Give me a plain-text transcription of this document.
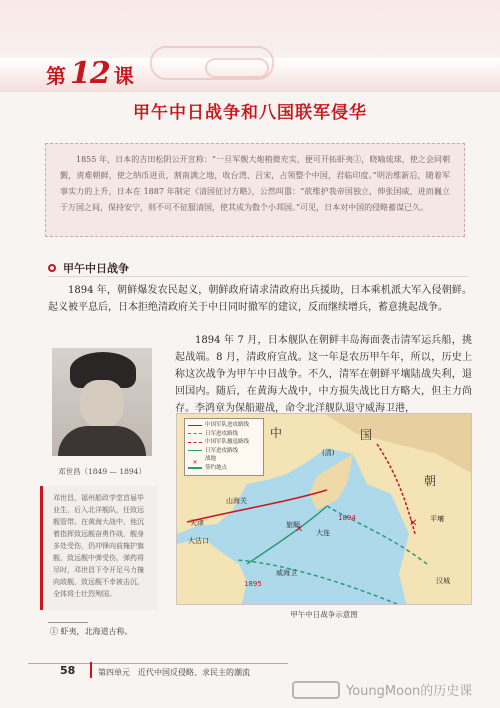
第 12 课
甲午中日战争和八国联军侵华
1855 年，日本的吉田松阴公开宣称：“一旦军舰大炮稍微充实，便可开拓虾夷①，晓喻琉球，使之会同朝觐，责难朝鲜，使之纳币进贡，割南满之地，收台湾、吕宋，占领整个中国，君临印度。”明治维新后，随着军事实力的上升，日本在 1887 年制定《清国征讨方略》，公然叫嚣：“欲维护我帝国独立，伸张国威，进而巍立于万国之间，保持安宁，则不可不征服清国，使其成为数个小邦国。”可见，日本对中国的侵略蓄谋已久。
甲午中日战争
1894 年，朝鲜爆发农民起义，朝鲜政府请求清政府出兵援助，日本乘机派大军入侵朝鲜。起义被平息后，日本拒绝清政府关于中日同时撤军的建议，反而继续增兵，蓄意挑起战争。
1894 年 7 月，日本舰队在朝鲜丰岛海面袭击清军运兵船，挑起战端。8 月，清政府宣战。这一年是农历甲午年，所以，历史上称这次战争为甲午中日战争。不久，清军在朝鲜平壤陆战失利，退回国内。随后，在黄海大战中，中方损失战比日方略大，但主力尚存。李鸿章为保船避战，命令北洋舰队退守威海卫港，
邓世昌（1849 — 1894）
邓世昌，福州船政学堂首届毕业生，后入北洋舰队，任致远舰管带。在黄海大战中，他沉着指挥致远舰奋勇作战，舰身多处受伤，仍冲锋向前掩护旗舰，致远舰中弹受伤，弹药将尽时，邓世昌下令开足马力撞向敌舰，致远舰不幸被击沉，全体将士壮烈殉国。
✕
✕
中国军队进攻路线
日军进攻路线
中国军队撤退路线
日军进攻路线
✕
战地
签约地点
中	国
(清)
朝
山海关
天津
大沽口
旅顺
大连
1894	平壤
威海卫
1895	汉城
甲午中日战争示意图
① 虾夷，北海道古称。
58	第四单元　近代中国反侵略、求民主的潮流
YoungMoon的历史课
